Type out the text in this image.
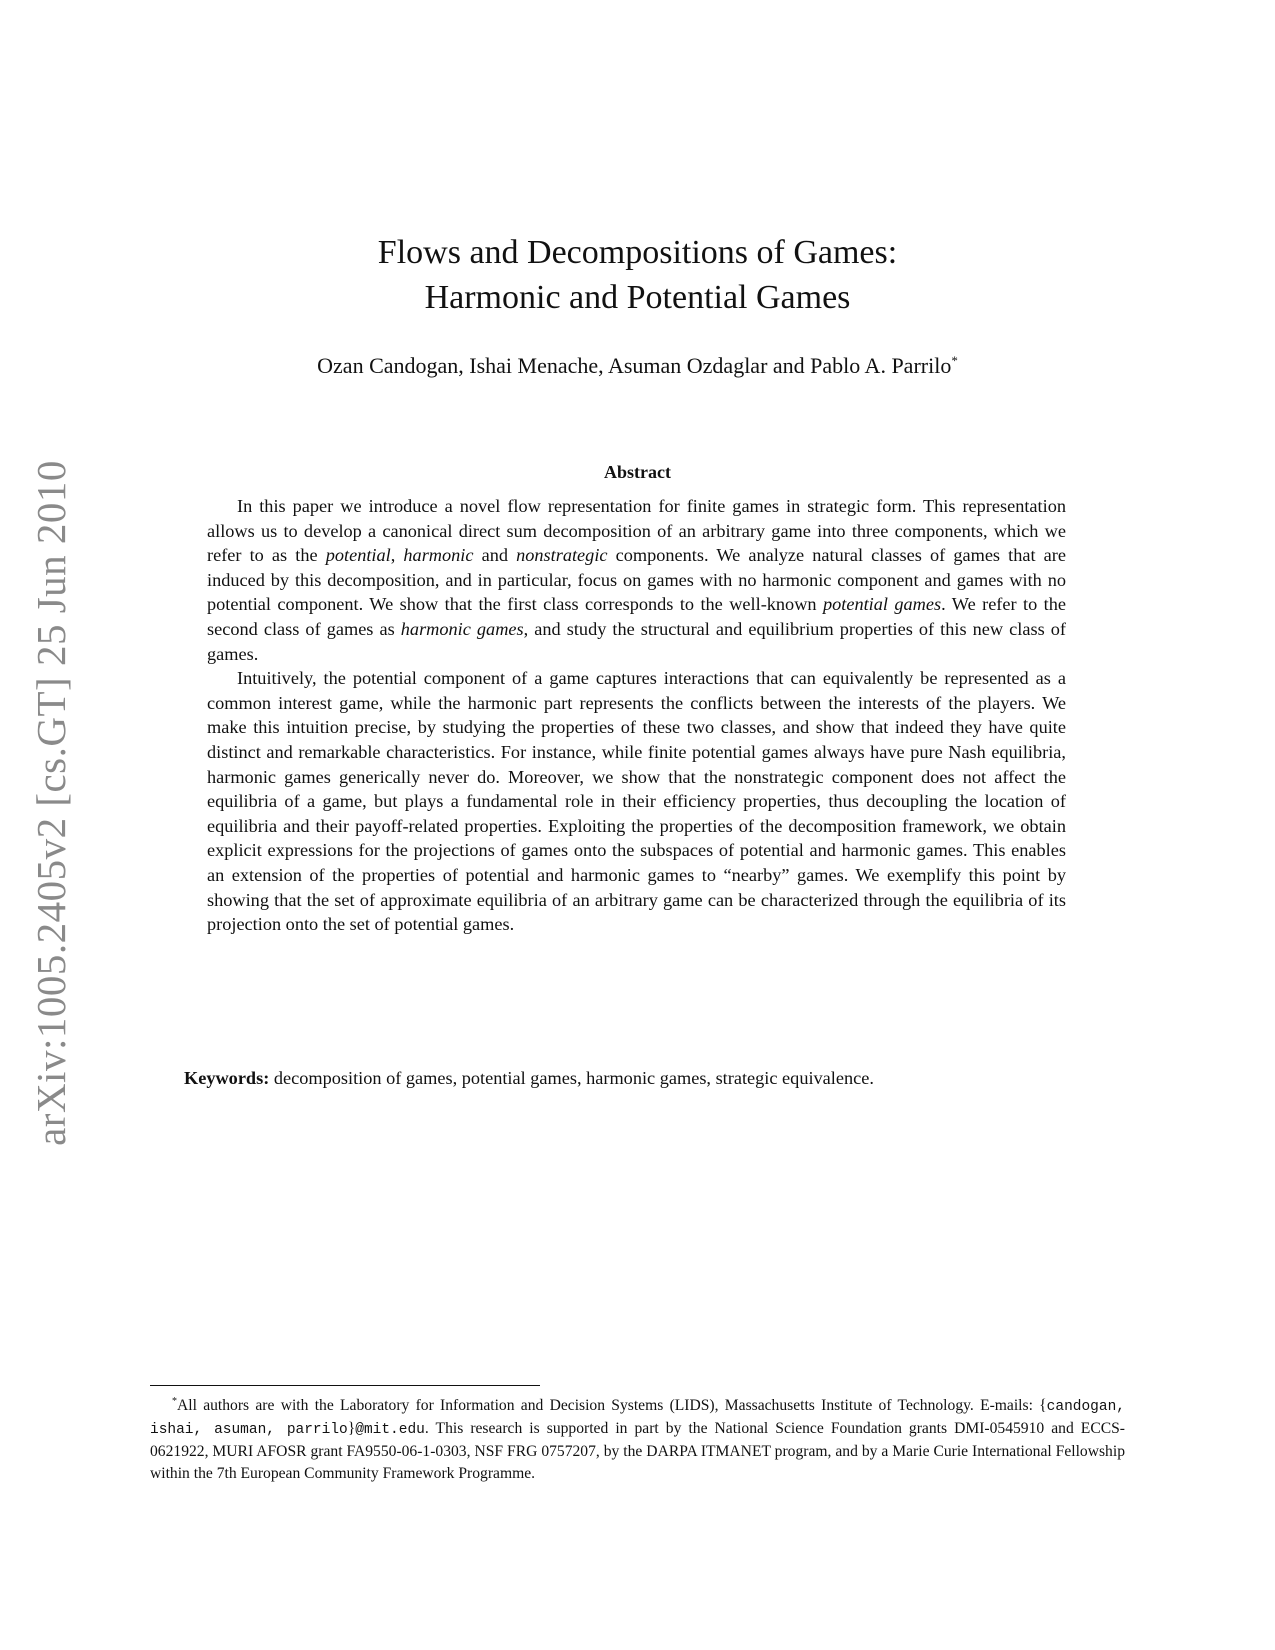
arXiv:1005.2405v2 [cs.GT] 25 Jun 2010
Flows and Decompositions of Games:
Harmonic and Potential Games
Ozan Candogan, Ishai Menache, Asuman Ozdaglar and Pablo A. Parrilo*
Abstract

In this paper we introduce a novel flow representation for finite games in strategic form. This representation allows us to develop a canonical direct sum decomposition of an arbitrary game into three components, which we refer to as the potential, harmonic and nonstrategic components. We analyze natural classes of games that are induced by this decomposition, and in particular, focus on games with no harmonic component and games with no potential component. We show that the first class corresponds to the well-known potential games. We refer to the second class of games as harmonic games, and study the structural and equilibrium properties of this new class of games.

Intuitively, the potential component of a game captures interactions that can equivalently be represented as a common interest game, while the harmonic part represents the conflicts between the interests of the players. We make this intuition precise, by studying the properties of these two classes, and show that indeed they have quite distinct and remarkable characteristics. For instance, while finite potential games always have pure Nash equilibria, harmonic games generically never do. Moreover, we show that the nonstrategic component does not affect the equilibria of a game, but plays a fundamental role in their efficiency properties, thus decoupling the location of equilibria and their payoff-related properties. Exploiting the properties of the decomposition framework, we obtain explicit expressions for the projections of games onto the subspaces of potential and harmonic games. This enables an extension of the properties of potential and harmonic games to “nearby” games. We exemplify this point by showing that the set of approximate equilibria of an arbitrary game can be characterized through the equilibria of its projection onto the set of potential games.

Keywords: decomposition of games, potential games, harmonic games, strategic equivalence.

*All authors are with the Laboratory for Information and Decision Systems (LIDS), Massachusetts Institute of Technology. E-mails: {candogan, ishai, asuman, parrilo}@mit.edu. This research is supported in part by the National Science Foundation grants DMI-0545910 and ECCS-0621922, MURI AFOSR grant FA9550-06-1-0303, NSF FRG 0757207, by the DARPA ITMANET program, and by a Marie Curie International Fellowship within the 7th European Community Framework Programme.
